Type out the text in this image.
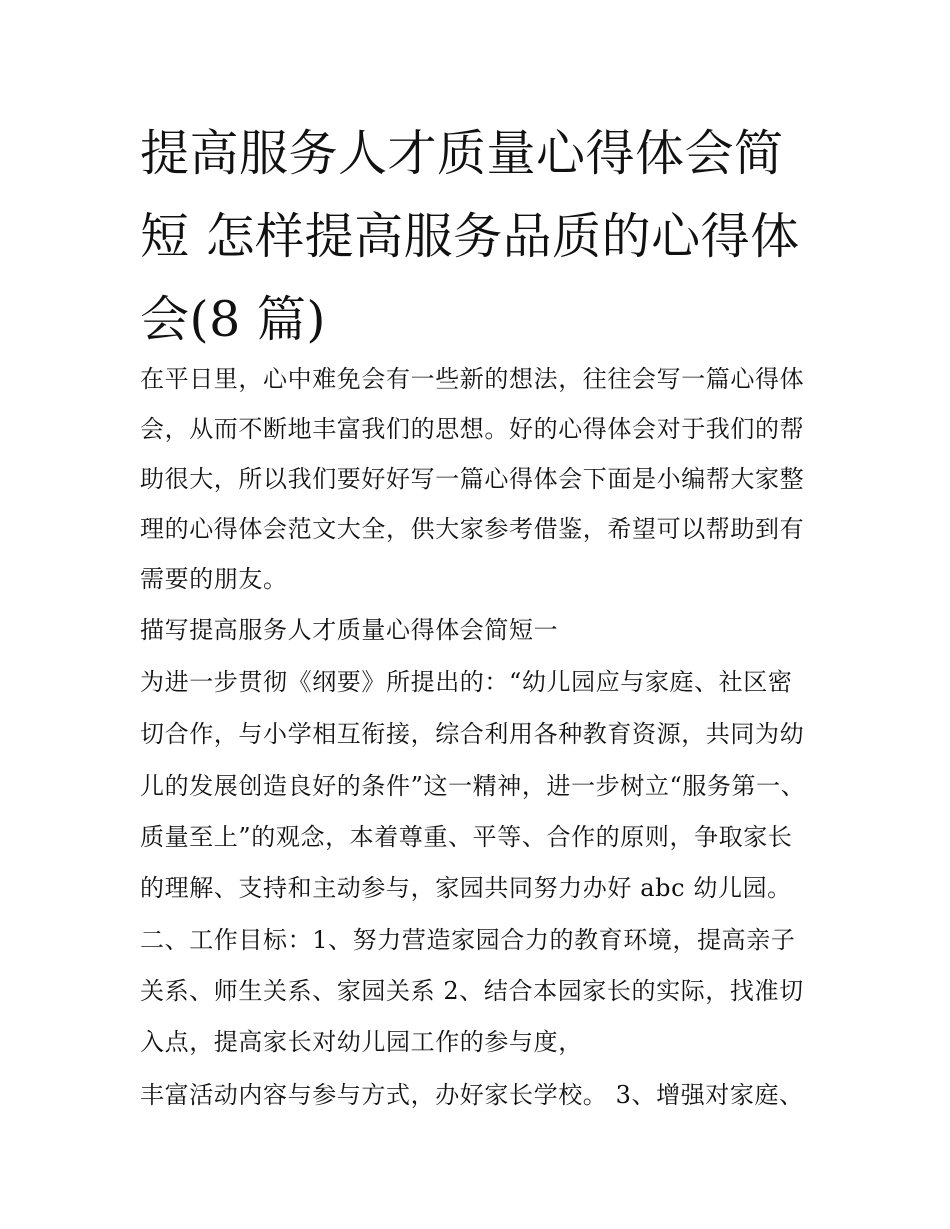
提高服务人才质量心得体会简
短 怎样提高服务品质的心得体
会(8 篇)

在平日里，心中难免会有一些新的想法，往往会写一篇心得体

会，从而不断地丰富我们的思想。好的心得体会对于我们的帮

助很大，所以我们要好好写一篇心得体会下面是小编帮大家整

理的心得体会范文大全，供大家参考借鉴，希望可以帮助到有

需要的朋友。

描写提高服务人才质量心得体会简短一

为进一步贯彻《纲要》所提出的：“幼儿园应与家庭、社区密

切合作，与小学相互衔接，综合利用各种教育资源，共同为幼

儿的发展创造良好的条件”这一精神，进一步树立“服务第一、

质量至上”的观念，本着尊重、平等、合作的原则，争取家长

的理解、支持和主动参与，家园共同努力办好 abc 幼儿园。

二、工作目标：1、努力营造家园合力的教育环境，提高亲子

关系、师生关系、家园关系 2、结合本园家长的实际，找准切

入点，提高家长对幼儿园工作的参与度，

丰富活动内容与参与方式，办好家长学校。 3、增强对家庭、
